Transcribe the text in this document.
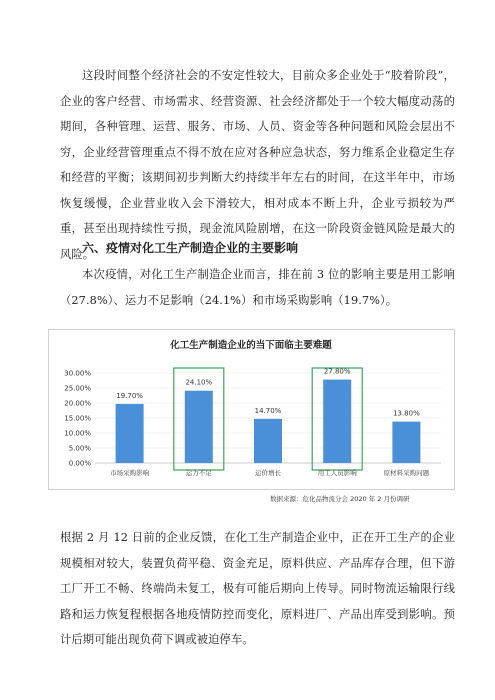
这段时间整个经济社会的不安定性较大，目前众多企业处于“胶着阶段”，企业的客户经营、市场需求、经营资源、社会经济都处于一个较大幅度动荡的期间，各种管理、运营、服务、市场、人员、资金等各种问题和风险会层出不穷，企业经营管理重点不得不放在应对各种应急状态，努力维系企业稳定生存和经营的平衡；该期间初步判断大约持续半年左右的时间，在这半年中，市场恢复缓慢，企业营业收入会下滑较大，相对成本不断上升，企业亏损较为严重，甚至出现持续性亏损，现金流风险剧增，在这一阶段资金链风险是最大的风险。
六、疫情对化工生产制造企业的主要影响
本次疫情，对化工生产制造企业而言，排在前 3 位的影响主要是用工影响（27.8%）、运力不足影响（24.1%）和市场采购影响（19.7%）。
化工生产制造企业的当下面临主要难题
0.00%
5.00%
10.00%
15.00%
20.00%
25.00%
30.00%
19.70%
市场采购影响
24.10%
运力不足
14.70%
运价增长
27.80%
用工人员影响
13.80%
原材料采购问题
数据来源：危化品物流分会 2020 年 2 月份调研
根据 2 月 12 日前的企业反馈，在化工生产制造企业中，正在开工生产的企业规模相对较大，装置负荷平稳、资金充足，原料供应、产品库存合理，但下游工厂开工不畅、终端尚未复工，极有可能后期向上传导。同时物流运输限行线路和运力恢复程根据各地疫情防控而变化，原料进厂、产品出库受到影响。预计后期可能出现负荷下调或被迫停车。
